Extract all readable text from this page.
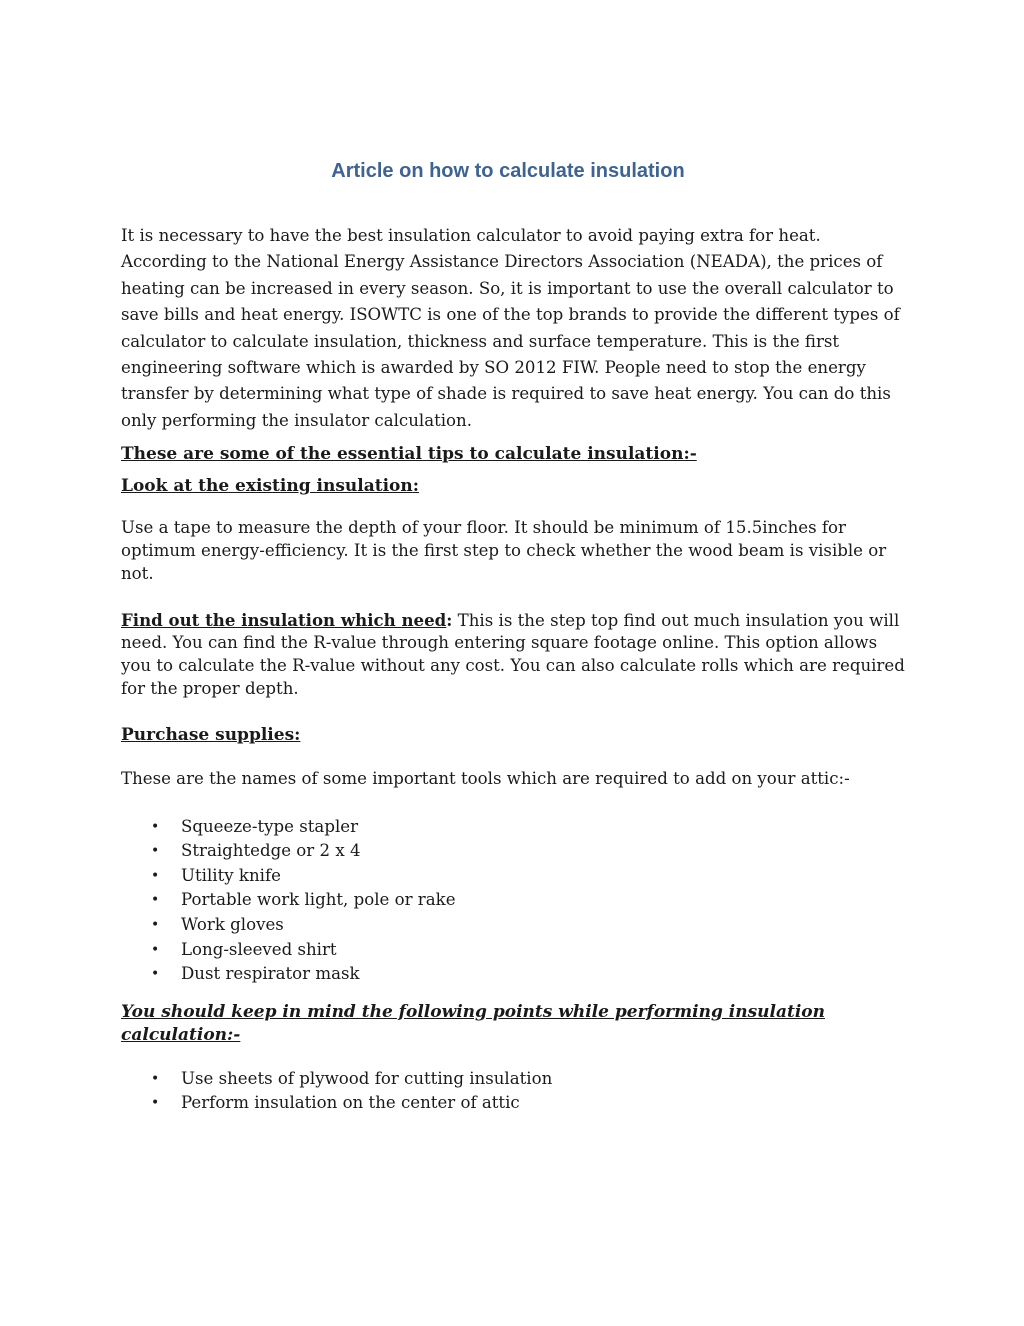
Article on how to calculate insulation

It is necessary to have the best insulation calculator to avoid paying extra for heat. According to the National Energy Assistance Directors Association (NEADA), the prices of heating can be increased in every season. So, it is important to use the overall calculator to save bills and heat energy. ISOWTC is one of the top brands to provide the different types of calculator to calculate insulation, thickness and surface temperature. This is the first engineering software which is awarded by SO 2012 FIW. People need to stop the energy transfer by determining what type of shade is required to save heat energy. You can do this only performing the insulator calculation.

These are some of the essential tips to calculate insulation:-

Look at the existing insulation:

Use a tape to measure the depth of your floor. It should be minimum of 15.5inches for optimum energy-efficiency. It is the first step to check whether the wood beam is visible or not.

Find out the insulation which need: This is the step top find out much insulation you will need. You can find the R-value through entering square footage online. This option allows you to calculate the R-value without any cost. You can also calculate rolls which are required for the proper depth.

Purchase supplies:

These are the names of some important tools which are required to add on your attic:-

• Squeeze-type stapler
• Straightedge or 2 x 4
• Utility knife
• Portable work light, pole or rake
• Work gloves
• Long-sleeved shirt
• Dust respirator mask

You should keep in mind the following points while performing insulation calculation:-

• Use sheets of plywood for cutting insulation
• Perform insulation on the center of attic
